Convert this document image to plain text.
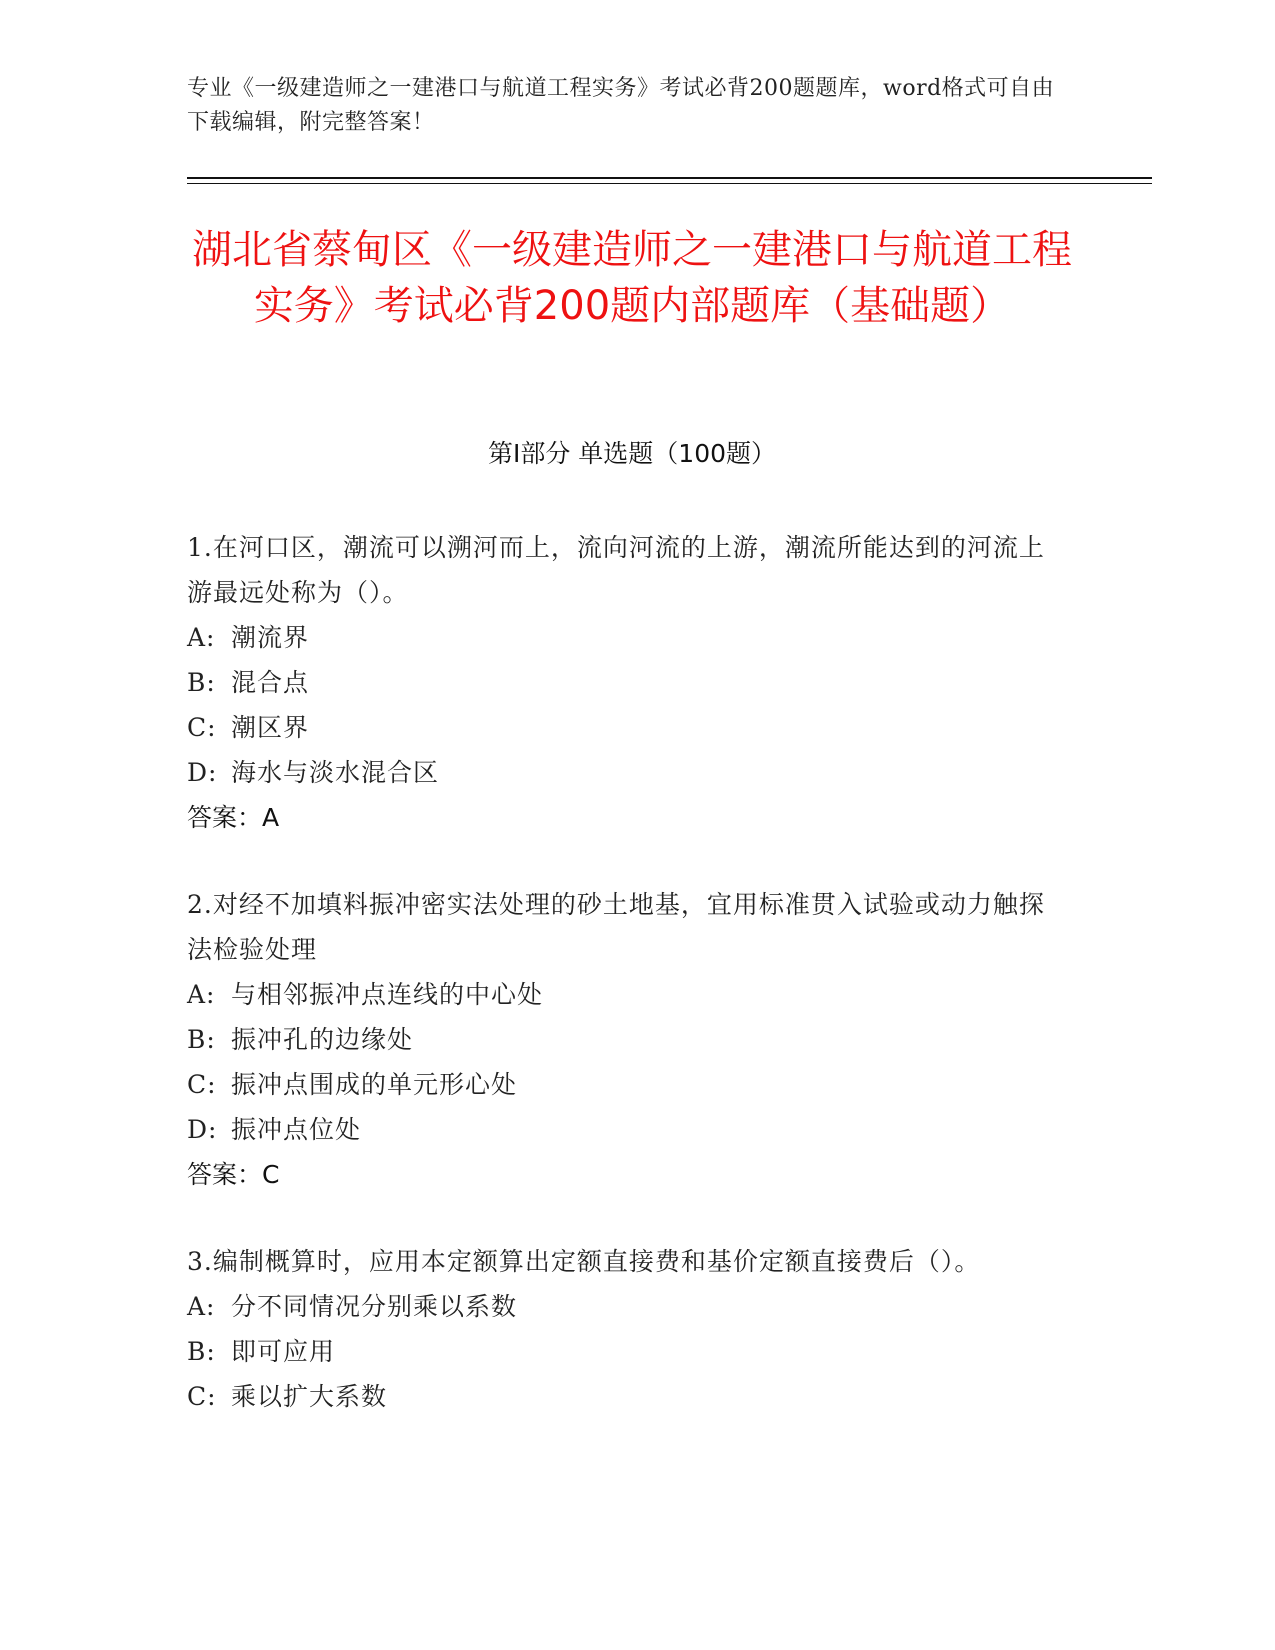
专业《一级建造师之一建港口与航道工程实务》考试必背200题题库，word格式可自由下载编辑，附完整答案！
湖北省蔡甸区《一级建造师之一建港口与航道工程实务》考试必背200题内部题库（基础题）
第Ⅰ部分 单选题（100题）

1.在河口区，潮流可以溯河而上，流向河流的上游，潮流所能达到的河流上游最远处称为（）。

A: 潮流界

B: 混合点

C: 潮区界

D: 海水与淡水混合区

答案：A

2.对经不加填料振冲密实法处理的砂土地基，宜用标准贯入试验或动力触探法检验处理

A: 与相邻振冲点连线的中心处

B: 振冲孔的边缘处

C: 振冲点围成的单元形心处

D: 振冲点位处

答案：C

3.编制概算时，应用本定额算出定额直接费和基价定额直接费后（）。

A: 分不同情况分别乘以系数

B: 即可应用

C: 乘以扩大系数
